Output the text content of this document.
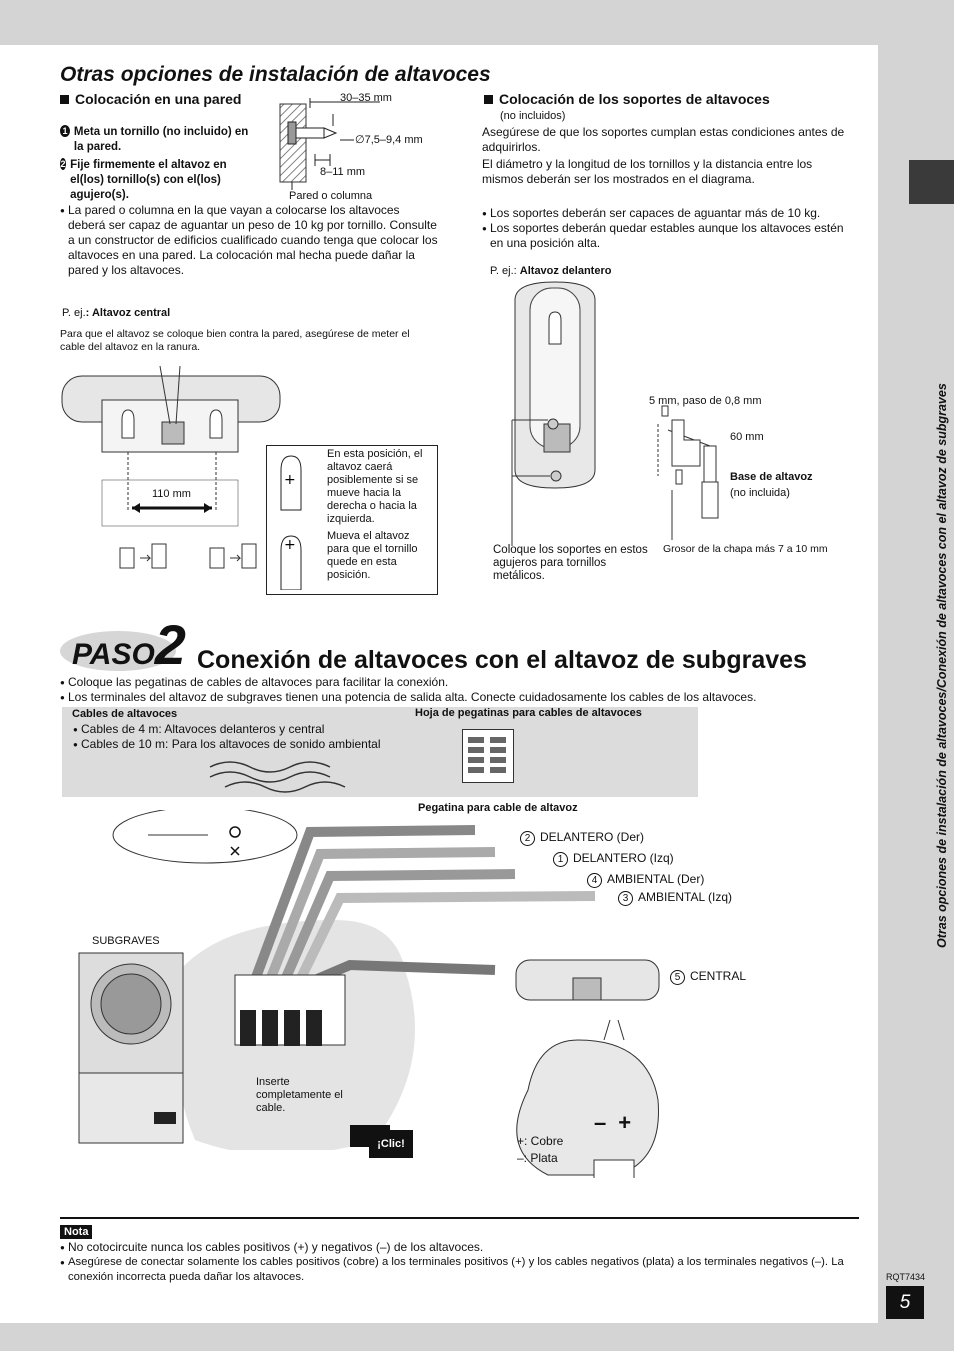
Otras opciones de instalación de altavoces/Conexión de altavoces con el altavoz de subgraves
Otras opciones de instalación de altavoces
Colocación en una pared
1 Meta un tornillo (no incluido) en la pared.
2 Fije firmemente el altavoz en el(los) tornillo(s) con el(los) agujero(s).
30–35 mm
∅7,5–9,4 mm
8–11 mm
Pared o columna
● La pared o columna en la que vayan a colocarse los altavoces deberá ser capaz de aguantar un peso de 10 kg por tornillo. Consulte a un constructor de edificios cualificado cuando tenga que colocar los altavoces en una pared. La colocación mal hecha puede dañar la pared y los altavoces.
P. ej.: Altavoz central
Para que el altavoz se coloque bien contra la pared, asegúrese de meter el cable del altavoz en la ranura.
110 mm
+
+
En esta posición, el altavoz caerá posiblemente si se mueve hacia la derecha o hacia la izquierda.
Mueva el altavoz para que el tornillo quede en esta posición.
Colocación de los soportes de altavoces
(no incluidos)
Asegúrese de que los soportes cumplan estas condiciones antes de adquirirlos.
El diámetro y la longitud de los tornillos y la distancia entre los mismos deberán ser los mostrados en el diagrama.
● Los soportes deberán ser capaces de aguantar más de 10 kg.
● Los soportes deberán quedar estables aunque los altavoces estén en una posición alta.
P. ej.: Altavoz delantero
5 mm, paso de 0,8 mm
60 mm
Base de altavoz
(no incluida)
Coloque los soportes en estos agujeros para tornillos metálicos.
Grosor de la chapa más 7 a 10 mm
PASO2 Conexión de altavoces con el altavoz de subgraves
● Coloque las pegatinas de cables de altavoces para facilitar la conexión.
● Los terminales del altavoz de subgraves tienen una potencia de salida alta. Conecte cuidadosamente los cables de los altavoces.
Cables de altavoces
● Cables de 4 m: Altavoces delanteros y central
● Cables de 10 m: Para los altavoces de sonido ambiental
Hoja de pegatinas para cables de altavoces
Pegatina para cable de altavoz
¡Clic!
2 DELANTERO (Der)
1 DELANTERO (Izq)
4 AMBIENTAL (Der)
3 AMBIENTAL (Izq)
5 CENTRAL
SUBGRAVES
Inserte completamente el cable.
–+
+: Cobre
–: Plata
Nota
● No cotocircuite nunca los cables positivos (+) y negativos (–) de los altavoces.
● Asegúrese de conectar solamente los cables positivos (cobre) a los terminales positivos (+) y los cables negativos (plata) a los terminales negativos (–). La conexión incorrecta pueda dañar los altavoces.	RQT7434
5
